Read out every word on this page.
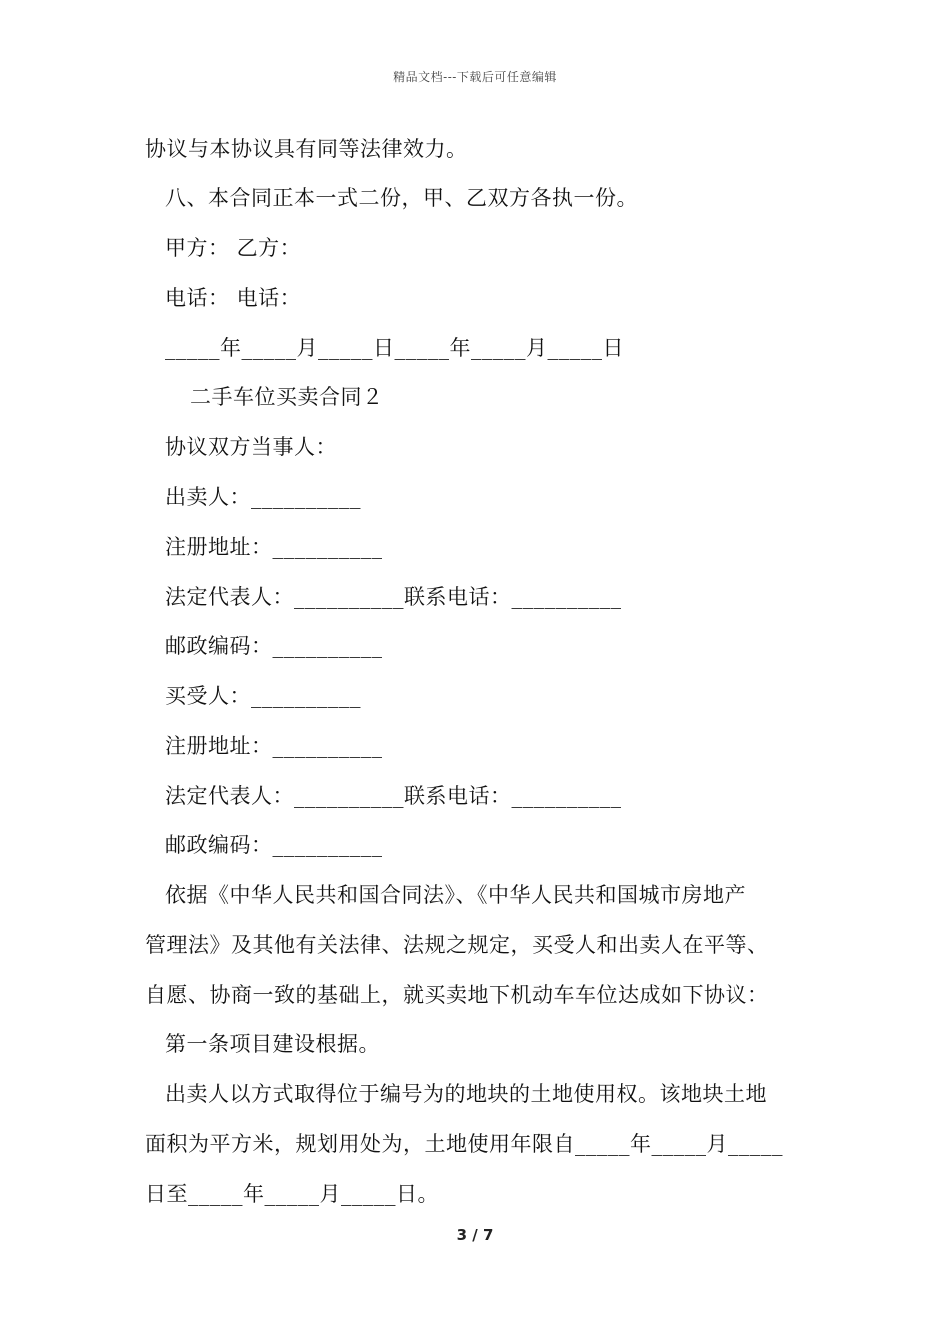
精品文档---下载后可任意编辑
协议与本协议具有同等法律效力。
八、本合同正本一式二份，甲、乙双方各执一份。
甲方： 乙方：
电话： 电话：
_____年_____月_____日_____年_____月_____日
二手车位买卖合同２
协议双方当事人：
出卖人：__________
注册地址：__________
法定代表人：__________联系电话：__________
邮政编码：__________
买受人：__________
注册地址：__________
法定代表人：__________联系电话：__________
邮政编码：__________
依据《中华人民共和国合同法》、《中华人民共和国城市房地产
管理法》及其他有关法律、法规之规定，买受人和出卖人在平等、
自愿、协商一致的基础上，就买卖地下机动车车位达成如下协议：
第一条项目建设根据。
出卖人以方式取得位于编号为的地块的土地使用权。该地块土地
面积为平方米，规划用处为，土地使用年限自_____年_____月_____
日至_____年_____月_____日。
3 / 7
